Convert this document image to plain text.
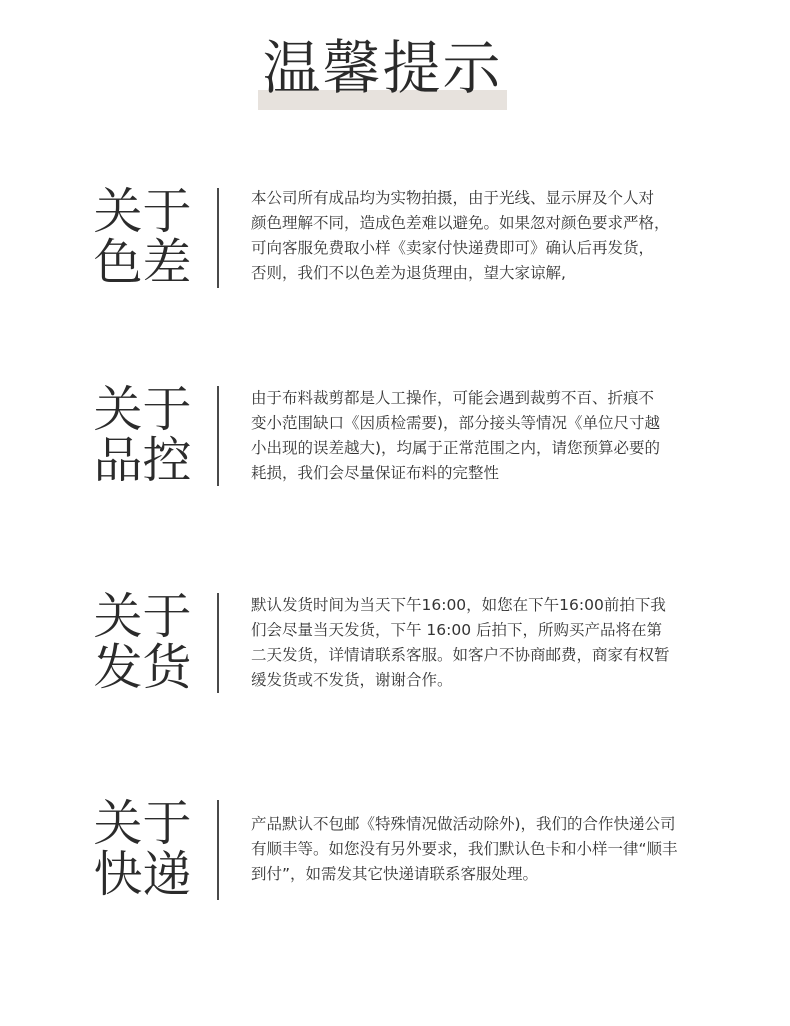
温馨提示
关于
色差
本公司所有成品均为实物拍摄，由于光线、显示屏及个人对
颜色理解不同，造成色差难以避免。如果忽对颜色要求严格，
可向客服免费取小样《卖家付快递费即可》确认后再发货，
否则，我们不以色差为退货理由，望大家谅解,
关于
品控
由于布料裁剪都是人工操作，可能会遇到裁剪不百、折痕不
变小范围缺口《因质检需要)，部分接头等情况《单位尺寸越
小出现的误差越大)，均属于正常范围之内，请您预算必要的
耗损，我们会尽量保证布料的完整性
关于
发货
默认发货时间为当天下午16:00，如您在下午16:00前拍下我
们会尽量当天发货，下午 16:00 后拍下，所购买产品将在第
二天发货，详情请联系客服。如客户不协商邮费，商家有权暂
缓发货或不发货，谢谢合作。
关于
快递
产品默认不包邮《特殊情况做活动除外)，我们的合作快递公司
有顺丰等。如您没有另外要求，我们默认色卡和小样一律“顺丰
到付”，如需发其它快递请联系客服处理。
